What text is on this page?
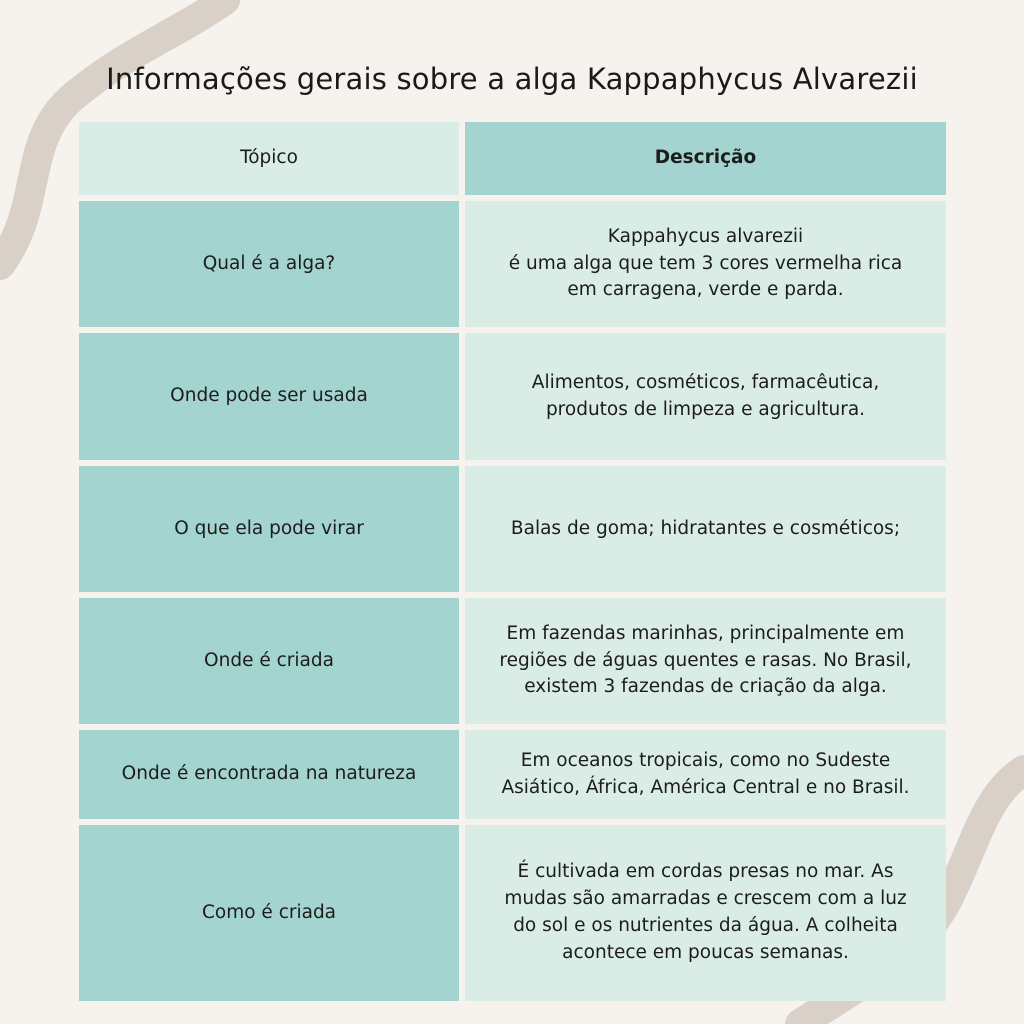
Informações gerais sobre a alga Kappaphycus Alvarezii
Tópico	Descrição
Qual é a alga?
Kappahycus alvarezii
é uma alga que tem 3 cores vermelha rica
em carragena, verde e parda.
Onde pode ser usada
Alimentos, cosméticos, farmacêutica,
produtos de limpeza e agricultura.
O que ela pode virar	Balas de goma; hidratantes e cosméticos;
Onde é criada
Em fazendas marinhas, principalmente em
regiões de águas quentes e rasas. No Brasil,
existem 3 fazendas de criação da alga.
Onde é encontrada na natureza
Em oceanos tropicais, como no Sudeste
Asiático, África, América Central e no Brasil.
Como é criada
É cultivada em cordas presas no mar. As
mudas são amarradas e crescem com a luz
do sol e os nutrientes da água. A colheita
acontece em poucas semanas.
